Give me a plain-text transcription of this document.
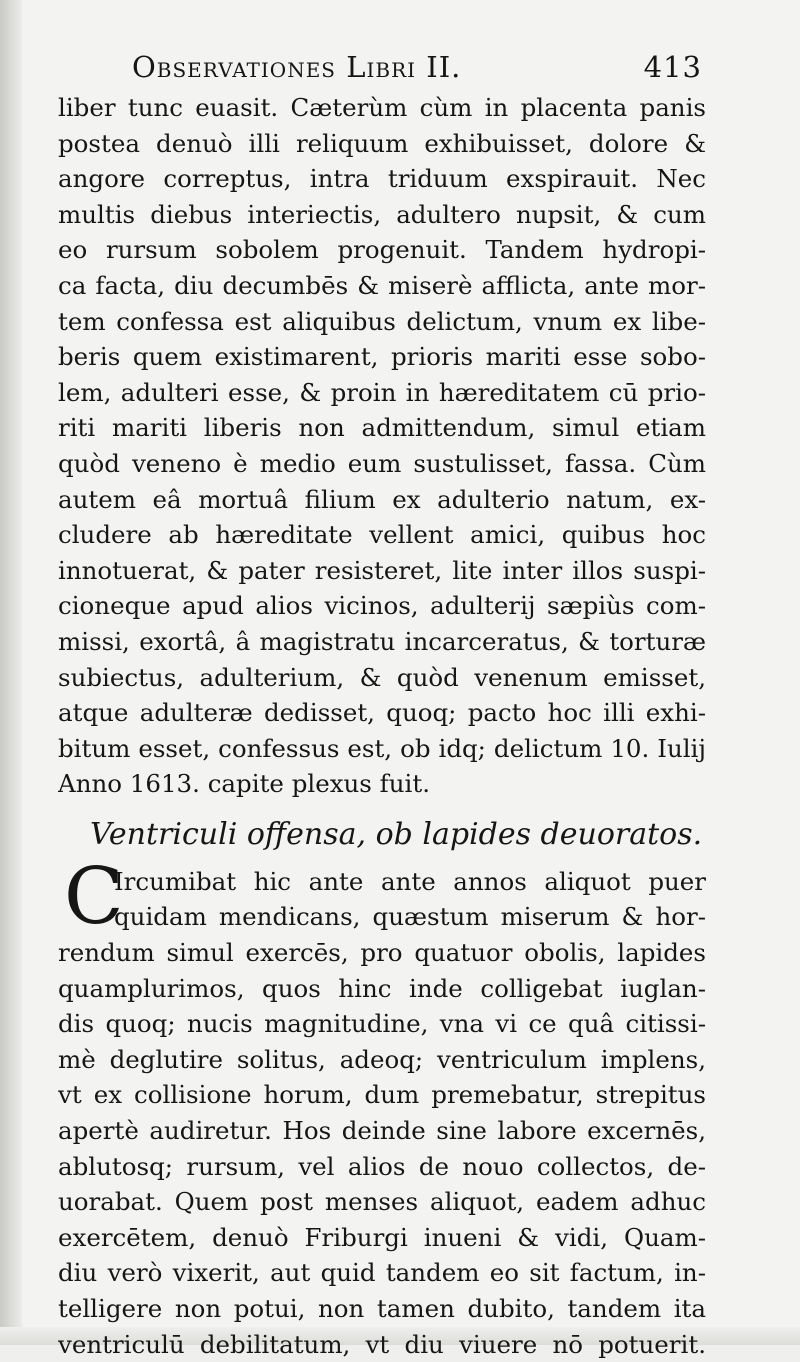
Observationes Libri II.	413
liber tunc euasit. Cæterùm cùm in placenta panis
postea denuò illi reliquum exhibuisset, dolore &
angore correptus, intra triduum exspirauit. Nec
multis diebus interiectis, adultero nupsit, & cum
eo rursum sobolem progenuit. Tandem hydropi-
ca facta, diu decumbēs & miserè afflicta, ante mor-
tem confessa est aliquibus delictum, vnum ex libe-
beris quem existimarent, prioris mariti esse sobo-
lem, adulteri esse, & proin in hæreditatem cū prio-
riti mariti liberis non admittendum, simul etiam
quòd veneno è medio eum sustulisset, fassa. Cùm
autem eâ mortuâ filium ex adulterio natum, ex-
cludere ab hæreditate vellent amici, quibus hoc
innotuerat, & pater resisteret, lite inter illos suspi-
cioneque apud alios vicinos, adulterij sæpiùs com-
missi, exortâ, â magistratu incarceratus, & torturæ
subiectus, adulterium, & quòd venenum emisset,
atque adulteræ dedisset, quoq; pacto hoc illi exhi-
bitum esset, confessus est, ob idq; delictum 10. Iulij
Anno 1613. capite plexus fuit.
Ventriculi offensa, ob lapides deuoratos.
C
Ircumibat hic ante ante annos aliquot puer
quidam mendicans, quæstum miserum & hor-
rendum simul exercēs, pro quatuor obolis, lapides
quamplurimos, quos hinc inde colligebat iuglan-
dis quoq; nucis magnitudine, vna vi ce quâ citissi-
mè deglutire solitus, adeoq; ventriculum implens,
vt ex collisione horum, dum premebatur, strepitus
apertè audiretur. Hos deinde sine labore excernēs,
ablutosq; rursum, vel alios de nouo collectos, de-
uorabat. Quem post menses aliquot, eadem adhuc
exercētem, denuò Friburgi inueni & vidi, Quam-
diu verò vixerit, aut quid tandem eo sit factum, in-
telligere non potui, non tamen dubito, tandem ita
ventriculū debilitatum, vt diu viuere nō potuerit.
